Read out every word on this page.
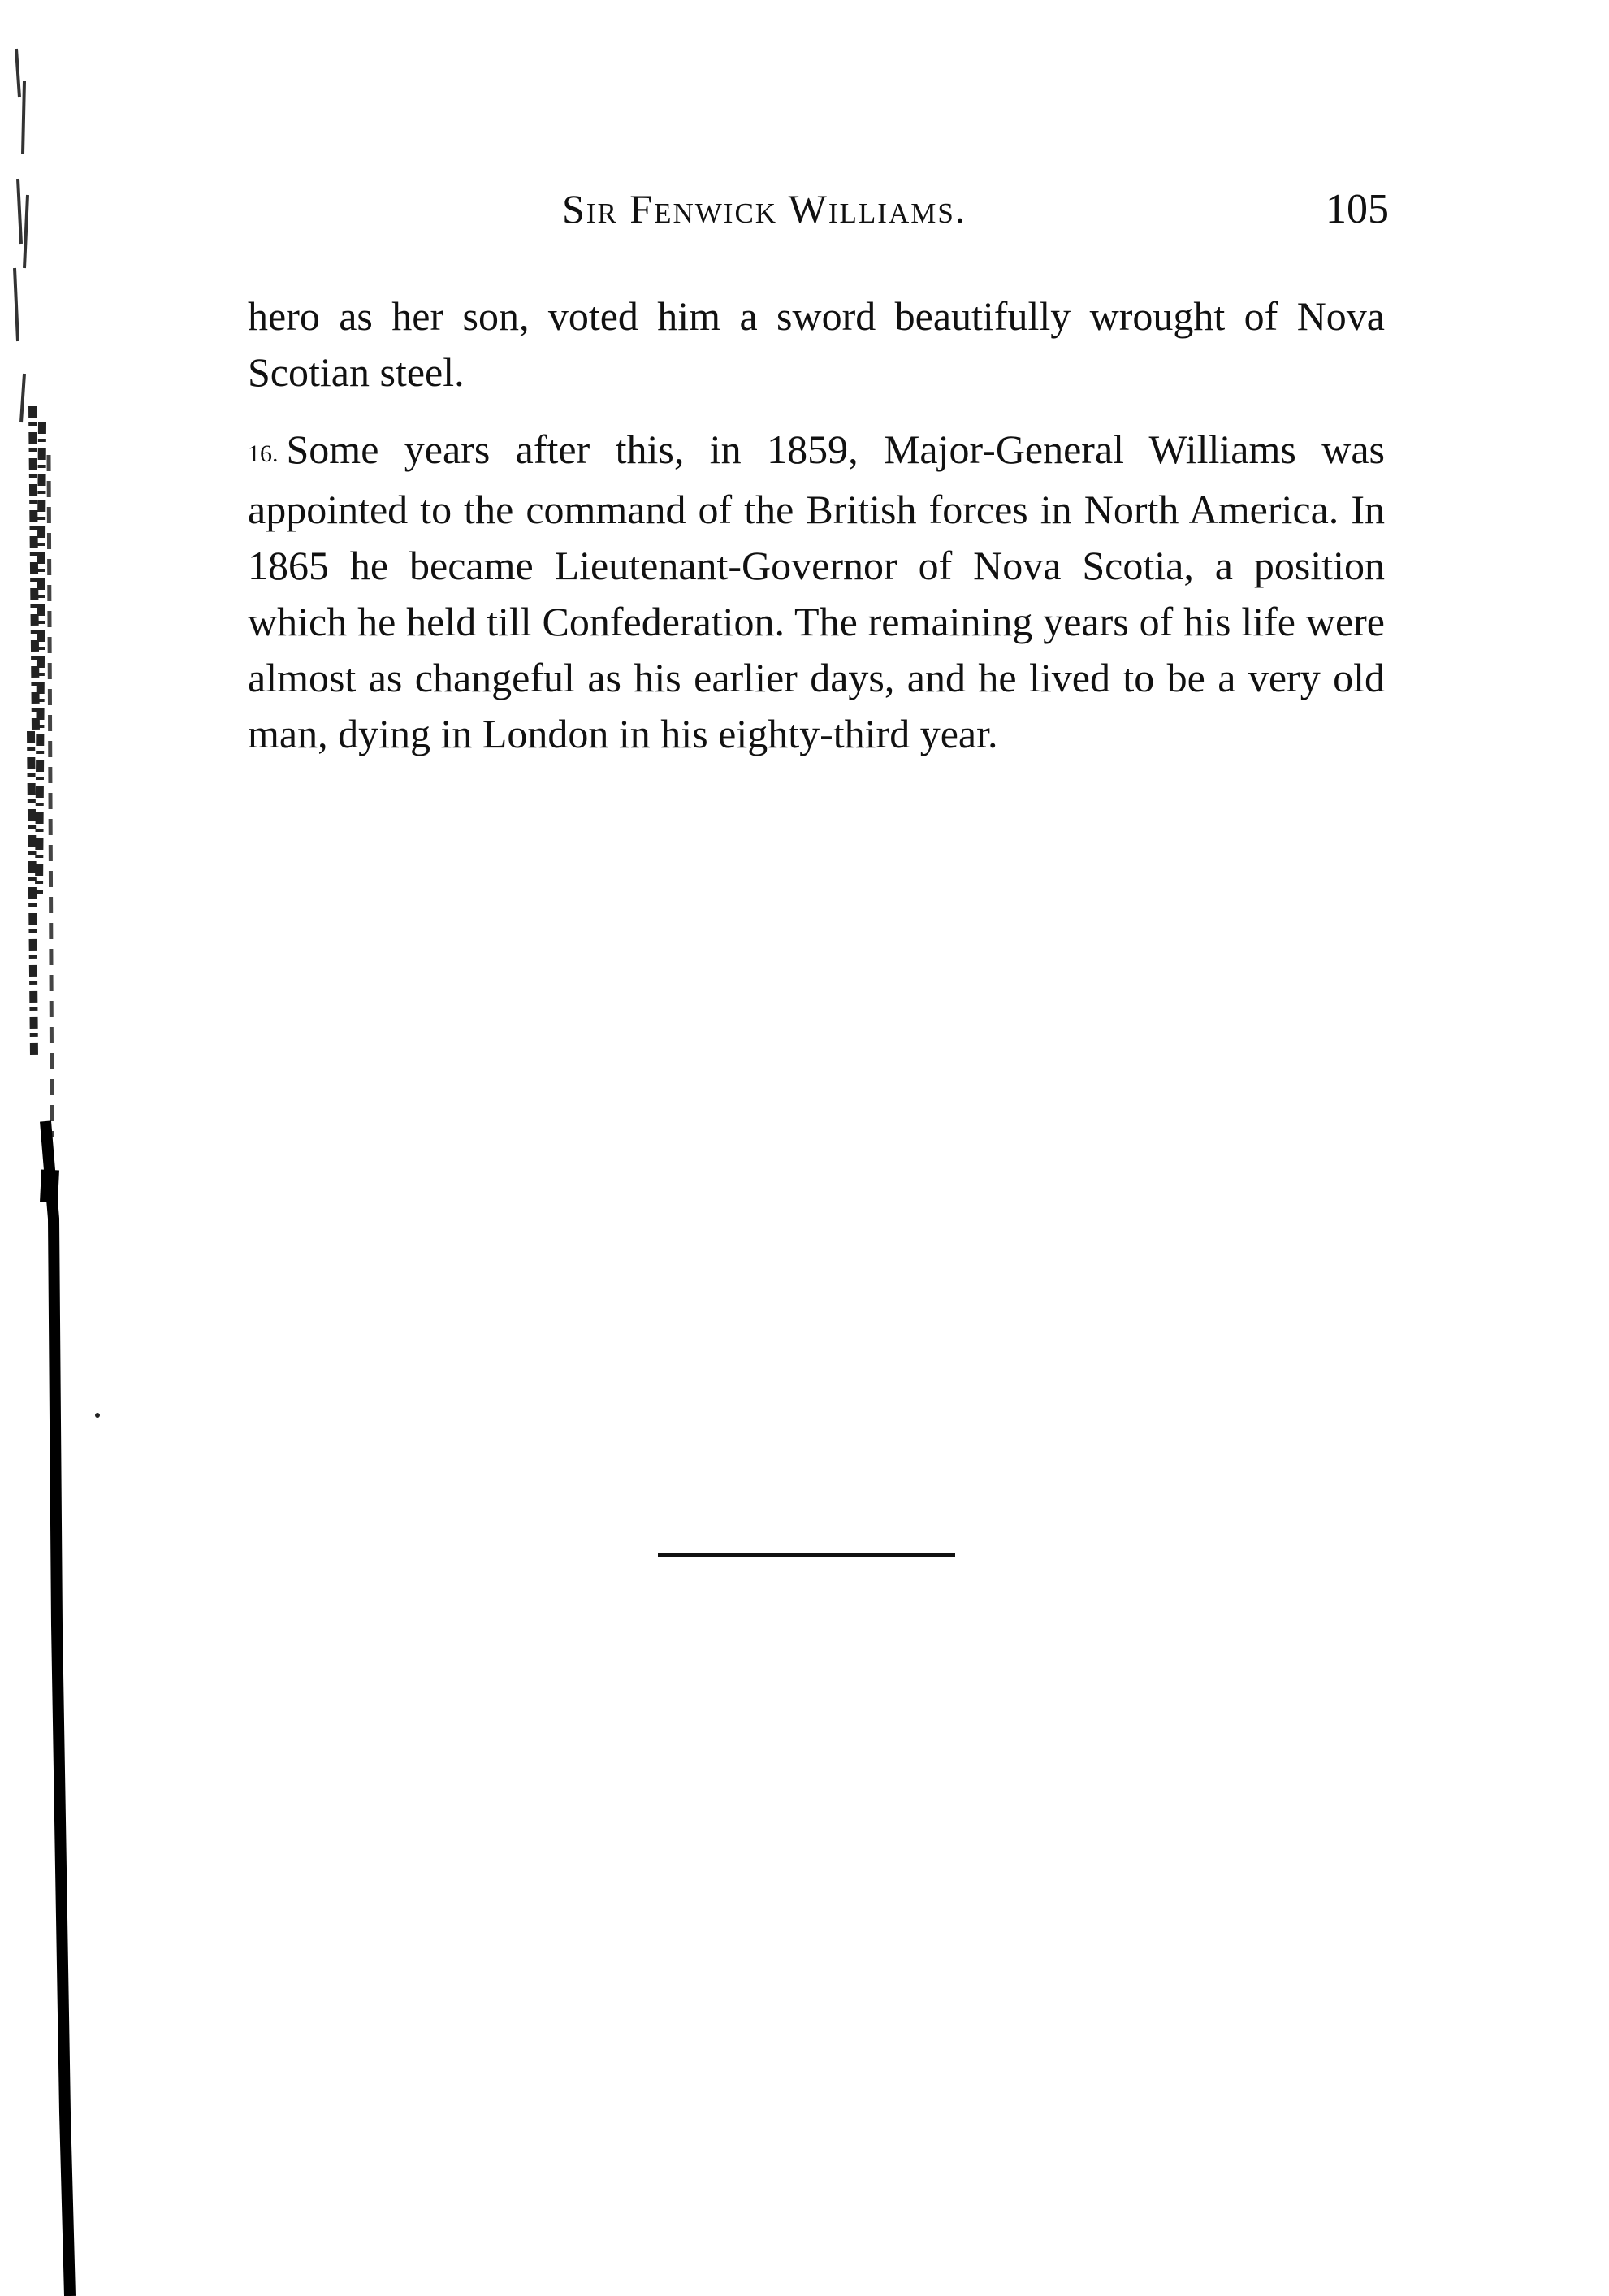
Sir Fenwick Williams.	105

hero as her son, voted him a sword beautifully wrought of Nova Scotian steel.

16. Some years after this, in 1859, Major-General Williams was appointed to the command of the British forces in North America. In 1865 he became Lieutenant-Governor of Nova Scotia, a position which he held till Confederation. The remaining years of his life were almost as changeful as his earlier days, and he lived to be a very old man, dying in London in his eighty-third year.
